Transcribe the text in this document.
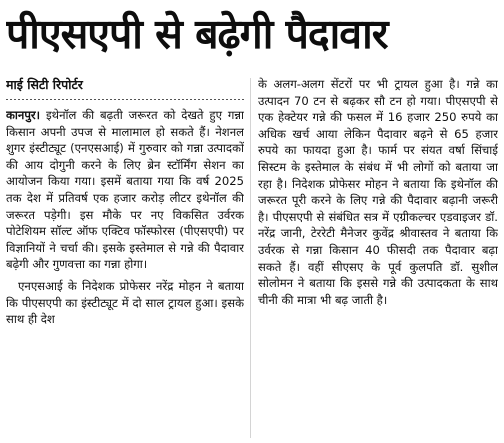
पीएसएपी से बढ़ेगी पैदावार
माई सिटी रिपोर्टर

कानपुर। इथेनॉल की बढ़ती जरूरत को देखते हुए गन्ना किसान अपनी उपज से मालामाल हो सकते हैं। नेशनल शुगर इंस्टीट्यूट (एनएसआई) में गुरुवार को गन्ना उत्पादकों की आय दोगुनी करने के लिए ब्रेन स्टॉर्मिंग सेशन का आयोजन किया गया। इसमें बताया गया कि वर्ष 2025 तक देश में प्रतिवर्ष एक हजार करोड़ लीटर इथेनॉल की जरूरत पड़ेगी। इस मौके पर नए विकसित उर्वरक पोटेशियम सॉल्ट ऑफ एक्टिव फॉस्फोरस (पीएसएपी) पर विज्ञानियों ने चर्चा की। इसके इस्तेमाल से गन्ने की पैदावार बढ़ेगी और गुणवत्ता का गन्ना होगा।

एनएसआई के निदेशक प्रोफेसर नरेंद्र मोहन ने बताया कि पीएसएपी का इंस्टीट्यूट में दो साल ट्रायल हुआ। इसके साथ ही देश

के अलग-अलग सेंटरों पर भी ट्रायल हुआ है। गन्ने का उत्पादन 70 टन से बढ़कर सौ टन हो गया। पीएसएपी से एक हेक्टेयर गन्ने की फसल में 16 हजार 250 रुपये का अधिक खर्च आया लेकिन पैदावार बढ़ने से 65 हजार रुपये का फायदा हुआ है। फार्म पर संयत वर्षा सिंचाई सिस्टम के इस्तेमाल के संबंध में भी लोगों को बताया जा रहा है। निदेशक प्रोफेसर मोहन ने बताया कि इथेनॉल की जरूरत पूरी करने के लिए गन्ने की पैदावार बढ़ानी जरूरी है। पीएसएपी से संबंधित सत्र में एग्रीकल्चर एडवाइजर डॉ. नरेंद्र जानी, टेररेटी मैनेजर कुवेंद्र श्रीवास्तव ने बताया कि उर्वरक से गन्ना किसान 40 फीसदी तक पैदावार बढ़ा सकते हैं। वहीं सीएसए के पूर्व कुलपति डॉ. सुशील सोलोमन ने बताया कि इससे गन्ने की उत्पादकता के साथ चीनी की मात्रा भी बढ़ जाती है।
